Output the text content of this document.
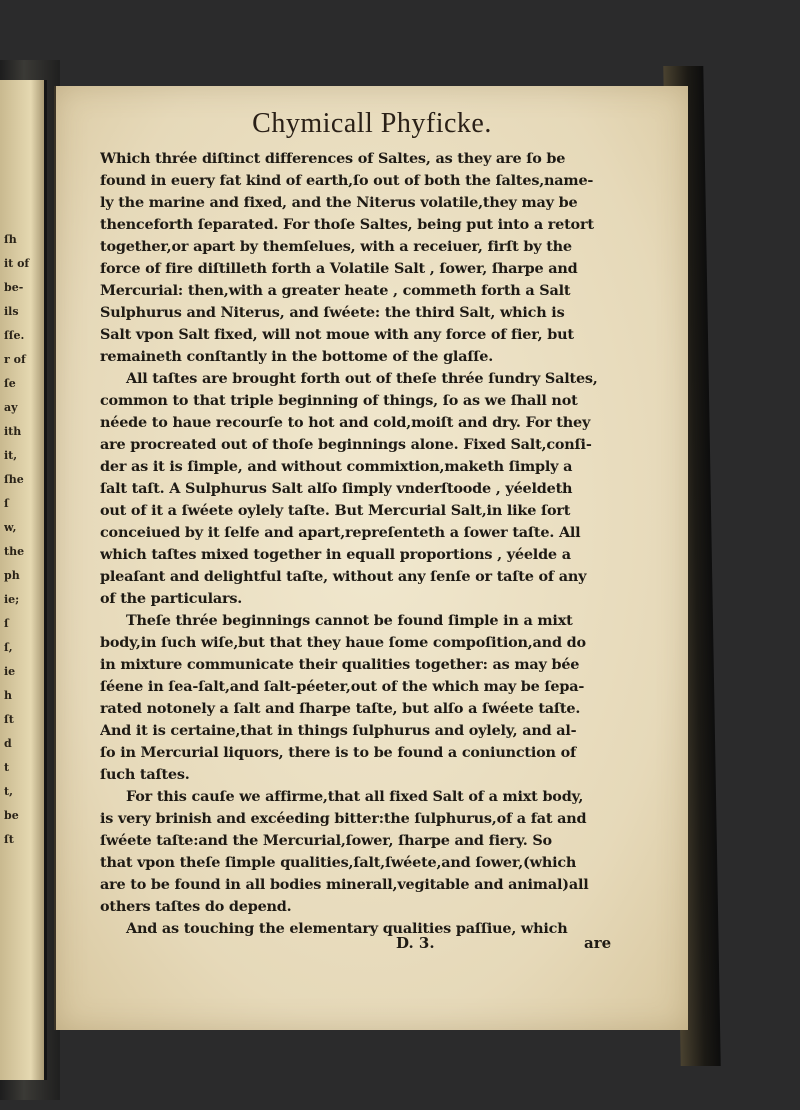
ſh
it of
be-
ils
ſſe.
r of
ſe
ay
ith
it,
ſhe
ſ
w,
the
ph
ie;
ſ
ſ,
ie
h
ſt
d
t
t,
be
ſt
Chymicall Phyficke.
Which thrée diſtinct differences of Saltes, as they are ſo be
found in euery fat kind of earth,ſo out of both the ſaltes,name-
ly the marine and fixed, and the Niterus volatile,they may be
thenceforth ſeparated. For thoſe Saltes, being put into a retort
together,or apart by themſelues, with a receiuer, firſt by the
force of fire diſtilleth forth a Volatile Salt , ſower, ſharpe and
Mercurial: then,with a greater heate , commeth forth a Salt
Sulphurus and Niterus, and ſwéete: the third Salt, which is
Salt vpon Salt fixed, will not moue with any force of fier, but
remaineth conſtantly in the bottome of the glaſſe.
All taſtes are brought forth out of theſe thrée ſundry Saltes,
common to that triple beginning of things, ſo as we ſhall not
néede to haue recourſe to hot and cold,moiſt and dry. For they
are procreated out of thoſe beginnings alone. Fixed Salt,conſi-
der as it is ſimple, and without commixtion,maketh ſimply a
ſalt taſt. A Sulphurus Salt alſo ſimply vnderſtoode , yéeldeth
out of it a ſwéete oylely taſte. But Mercurial Salt,in like ſort
conceiued by it ſelfe and apart,repreſenteth a ſower taſte. All
which taſtes mixed together in equall proportions , yéelde a
pleaſant and delightful taſte, without any ſenſe or taſte of any
of the particulars.
Theſe thrée beginnings cannot be found ſimple in a mixt
body,in ſuch wiſe,but that they haue ſome compoſition,and do
in mixture communicate their qualities together: as may bée
ſéene in ſea-ſalt,and ſalt-péeter,out of the which may be ſepa-
rated notonely a ſalt and ſharpe taſte, but alſo a ſwéete taſte.
And it is certaine,that in things ſulphurus and oylely, and al-
ſo in Mercurial liquors, there is to be found a coniunction of
ſuch taſtes.
For this cauſe we affirme,that all fixed Salt of a mixt body,
is very brinish and excéeding bitter:the ſulphurus,of a fat and
ſwéete taſte:and the Mercurial,ſower, ſharpe and fiery. So
that vpon theſe ſimple qualities,ſalt,ſwéete,and ſower,(which
are to be found in all bodies minerall,vegitable and animal)all
others taſtes do depend.
And as touching the elementary qualities paſſiue, which
D. 3.	are
